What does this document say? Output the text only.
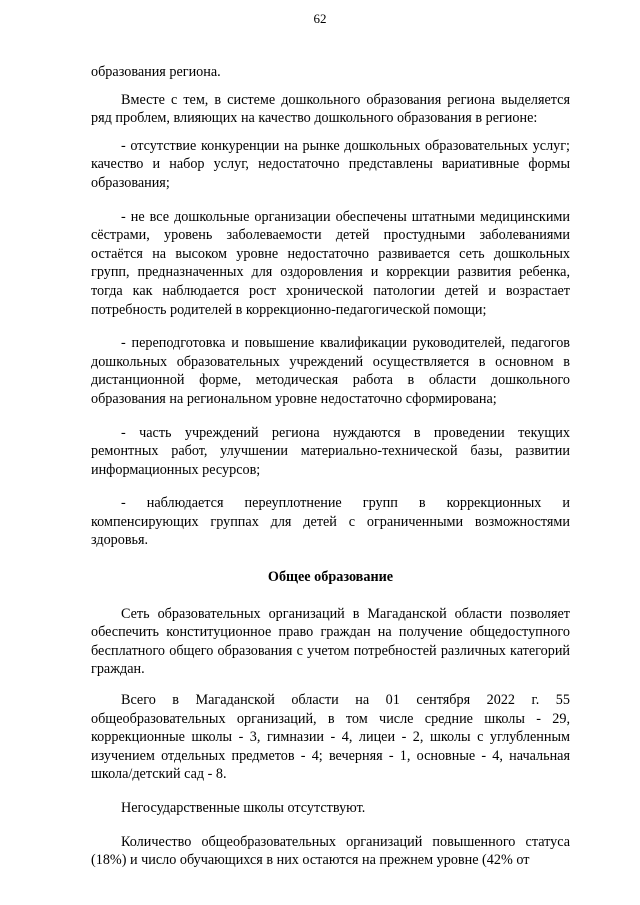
62

образования региона.

Вместе с тем, в системе дошкольного образования региона выделяется ряд проблем, влияющих на качество дошкольного образования в регионе:

- отсутствие конкуренции на рынке дошкольных образовательных услуг; качество и набор услуг, недостаточно представлены вариативные формы образования;

- не все дошкольные организации обеспечены штатными медицинскими сёстрами, уровень заболеваемости детей простудными заболеваниями остаётся на высоком уровне недостаточно развивается сеть дошкольных групп, предназначенных для оздоровления и коррекции развития ребенка, тогда как наблюдается рост хронической патологии детей и возрастает потребность родителей в коррекционно-педагогической помощи;

- переподготовка и повышение квалификации руководителей, педагогов дошкольных образовательных учреждений осуществляется в основном в дистанционной форме, методическая работа в области дошкольного образования на региональном уровне недостаточно сформирована;

- часть учреждений региона нуждаются в проведении текущих ремонтных работ, улучшении материально-технической базы, развитии информационных ресурсов;

- наблюдается переуплотнение групп в коррекционных и компенсирующих группах для детей с ограниченными возможностями здоровья.

Общее образование

Сеть образовательных организаций в Магаданской области позволяет обеспечить конституционное право граждан на получение общедоступного бесплатного общего образования с учетом потребностей различных категорий граждан.

Всего в Магаданской области на 01 сентября 2022 г. 55 общеобразовательных организаций, в том числе средние школы - 29, коррекционные школы - 3, гимназии - 4, лицеи - 2, школы с углубленным изучением отдельных предметов - 4; вечерняя - 1, основные - 4, начальная школа/детский сад - 8.

Негосударственные школы отсутствуют.

Количество общеобразовательных организаций повышенного статуса (18%) и число обучающихся в них остаются на прежнем уровне (42% от
